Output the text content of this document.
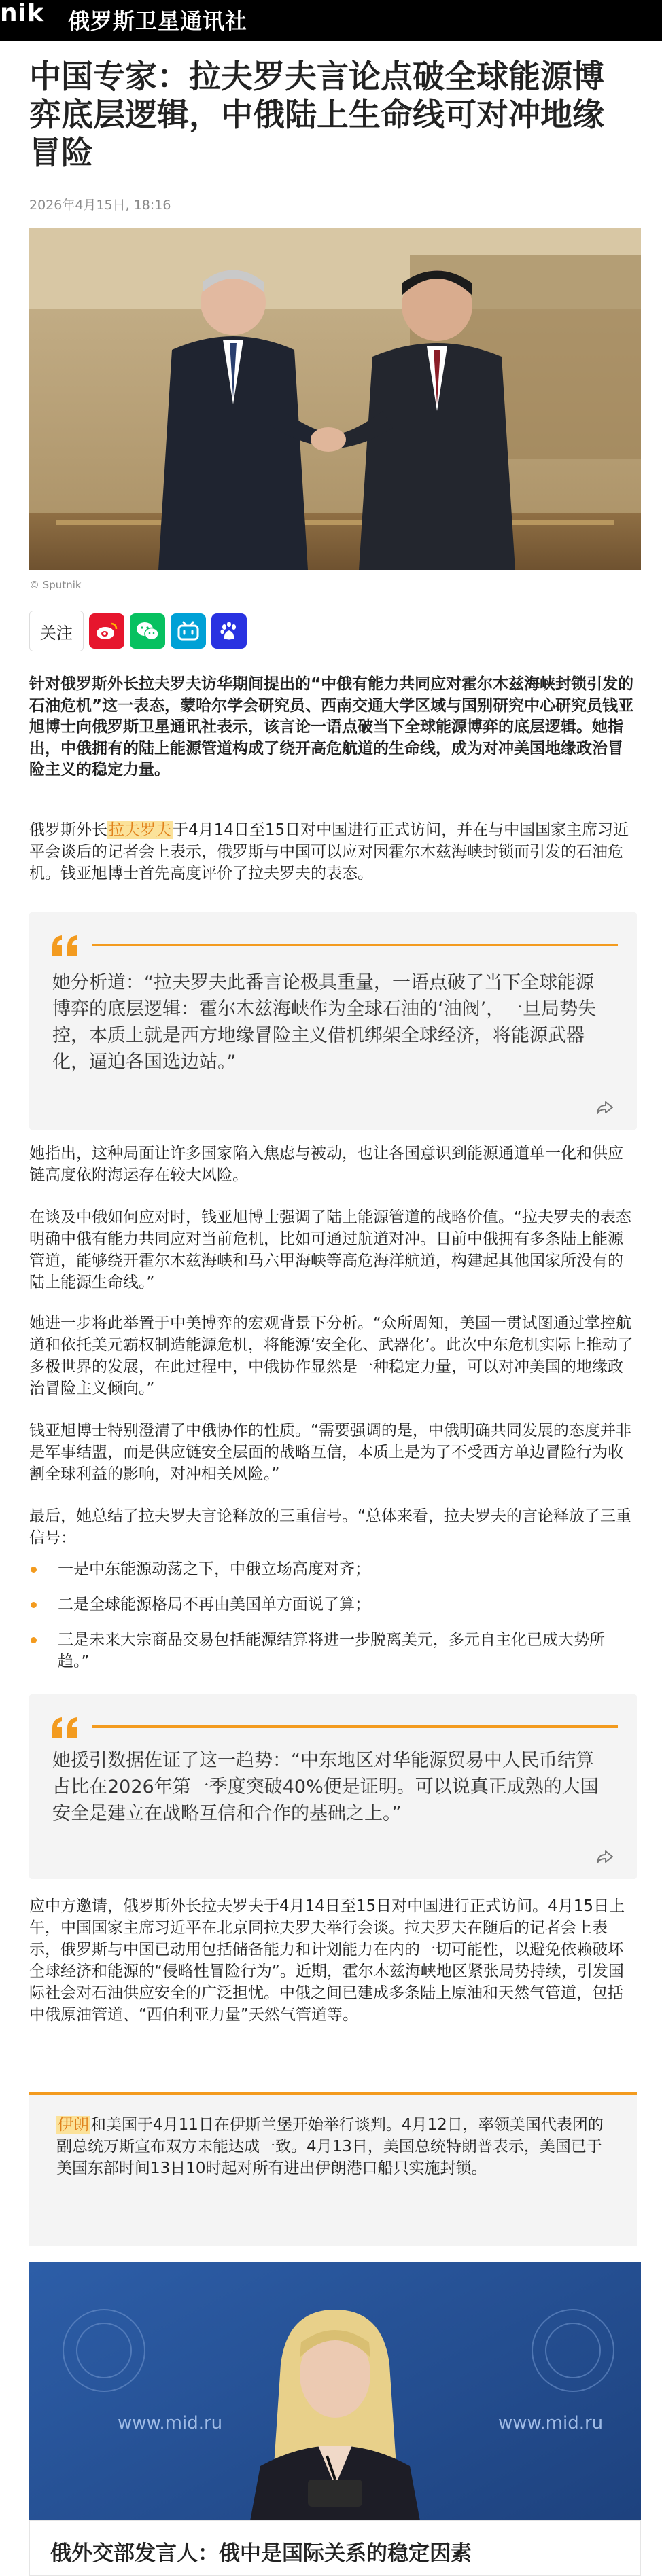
nik	俄罗斯卫星通讯社
中国专家：拉夫罗夫言论点破全球能源博弈底层逻辑，中俄陆上生命线可对冲地缘冒险
2026年4月15日, 18:16
© Sputnik
关注

针对俄罗斯外长拉夫罗夫访华期间提出的“中俄有能力共同应对霍尔木兹海峡封锁引发的石油危机”这一表态，蒙哈尔学会研究员、西南交通大学区域与国别研究中心研究员钱亚旭博士向俄罗斯卫星通讯社表示，该言论一语点破当下全球能源博弈的底层逻辑。她指出，中俄拥有的陆上能源管道构成了绕开高危航道的生命线，成为对冲美国地缘政治冒险主义的稳定力量。

俄罗斯外长拉夫罗夫于4月14日至15日对中国进行正式访问，并在与中国国家主席习近平会谈后的记者会上表示，俄罗斯与中国可以应对因霍尔木兹海峡封锁而引发的石油危机。钱亚旭博士首先高度评价了拉夫罗夫的表态。

她分析道：“拉夫罗夫此番言论极具重量，一语点破了当下全球能源博弈的底层逻辑：霍尔木兹海峡作为全球石油的‘油阀’，一旦局势失控，本质上就是西方地缘冒险主义借机绑架全球经济，将能源武器化，逼迫各国选边站。”

她指出，这种局面让许多国家陷入焦虑与被动，也让各国意识到能源通道单一化和供应链高度依附海运存在较大风险。

在谈及中俄如何应对时，钱亚旭博士强调了陆上能源管道的战略价值。“拉夫罗夫的表态明确中俄有能力共同应对当前危机，比如可通过航道对冲。目前中俄拥有多条陆上能源管道，能够绕开霍尔木兹海峡和马六甲海峡等高危海洋航道，构建起其他国家所没有的陆上能源生命线。”

她进一步将此举置于中美博弈的宏观背景下分析。“众所周知，美国一贯试图通过掌控航道和依托美元霸权制造能源危机，将能源‘安全化、武器化’。此次中东危机实际上推动了多极世界的发展，在此过程中，中俄协作显然是一种稳定力量，可以对冲美国的地缘政治冒险主义倾向。”

钱亚旭博士特别澄清了中俄协作的性质。“需要强调的是，中俄明确共同发展的态度并非是军事结盟，而是供应链安全层面的战略互信，本质上是为了不受西方单边冒险行为收割全球利益的影响，对冲相关风险。”

最后，她总结了拉夫罗夫言论释放的三重信号。“总体来看，拉夫罗夫的言论释放了三重信号：

一是中东能源动荡之下，中俄立场高度对齐；

二是全球能源格局不再由美国单方面说了算；

三是未来大宗商品交易包括能源结算将进一步脱离美元，多元自主化已成大势所趋。”

她援引数据佐证了这一趋势：“中东地区对华能源贸易中人民币结算占比在2026年第一季度突破40%便是证明。可以说真正成熟的大国安全是建立在战略互信和合作的基础之上。”

应中方邀请，俄罗斯外长拉夫罗夫于4月14日至15日对中国进行正式访问。4月15日上午，中国国家主席习近平在北京同拉夫罗夫举行会谈。拉夫罗夫在随后的记者会上表示，俄罗斯与中国已动用包括储备能力和计划能力在内的一切可能性，以避免依赖破坏全球经济和能源的“侵略性冒险行为”。近期，霍尔木兹海峡地区紧张局势持续，引发国际社会对石油供应安全的广泛担忧。中俄之间已建成多条陆上原油和天然气管道，包括中俄原油管道、“西伯利亚力量”天然气管道等。

伊朗和美国于4月11日在伊斯兰堡开始举行谈判。4月12日，率领美国代表团的副总统万斯宣布双方未能达成一致。4月13日，美国总统特朗普表示，美国已于美国东部时间13日10时起对所有进出伊朗港口船只实施封锁。

www.mid.ru	www.mid.ru
俄外交部发言人：俄中是国际关系的稳定因素
